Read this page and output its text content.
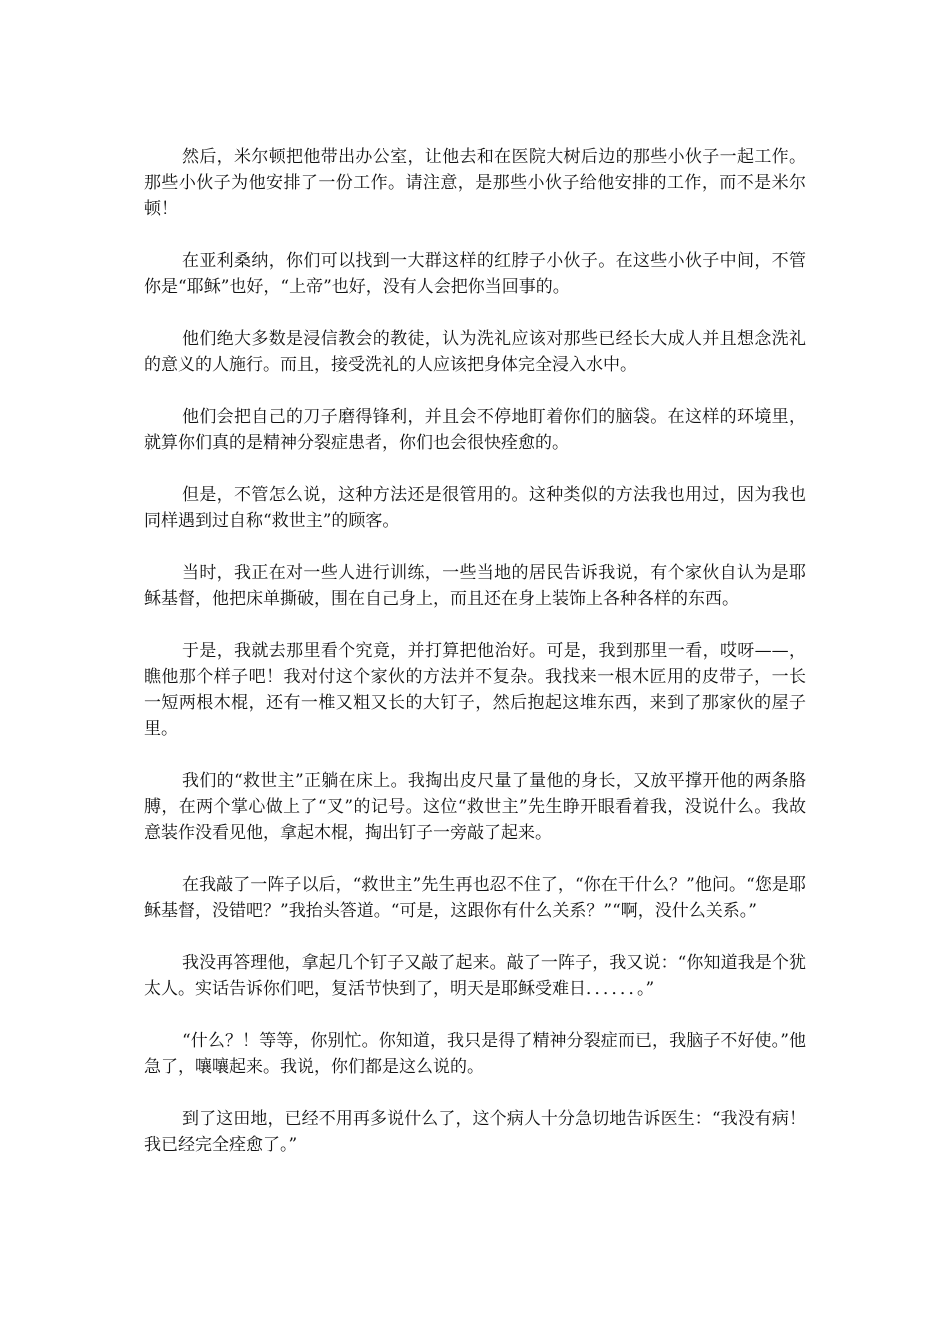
然后，米尔顿把他带出办公室，让他去和在医院大树后边的那些小伙子一起工作。那些小伙子为他安排了一份工作。请注意，是那些小伙子给他安排的工作，而不是米尔顿！

在亚利桑纳，你们可以找到一大群这样的红脖子小伙子。在这些小伙子中间，不管你是“耶稣”也好，“上帝”也好，没有人会把你当回事的。

他们绝大多数是浸信教会的教徒，认为洗礼应该对那些已经长大成人并且想念洗礼的意义的人施行。而且，接受洗礼的人应该把身体完全浸入水中。

他们会把自己的刀子磨得锋利，并且会不停地盯着你们的脑袋。在这样的环境里，就算你们真的是精神分裂症患者，你们也会很快痊愈的。

但是，不管怎么说，这种方法还是很管用的。这种类似的方法我也用过，因为我也同样遇到过自称“救世主”的顾客。

当时，我正在对一些人进行训练，一些当地的居民告诉我说，有个家伙自认为是耶稣基督，他把床单撕破，围在自己身上，而且还在身上装饰上各种各样的东西。

于是，我就去那里看个究竟，并打算把他治好。可是，我到那里一看，哎呀——，瞧他那个样子吧！我对付这个家伙的方法并不复杂。我找来一根木匠用的皮带子，一长一短两根木棍，还有一椎又粗又长的大钉子，然后抱起这堆东西，来到了那家伙的屋子里。

我们的“救世主”正躺在床上。我掏出皮尺量了量他的身长，又放平撑开他的两条胳膊，在两个掌心做上了“叉”的记号。这位“救世主”先生睁开眼看着我，没说什么。我故意装作没看见他，拿起木棍，掏出钉子一旁敲了起来。

在我敲了一阵子以后，“救世主”先生再也忍不住了，“你在干什么？”他问。“您是耶稣基督，没错吧？”我抬头答道。“可是，这跟你有什么关系？”“啊，没什么关系。”

我没再答理他，拿起几个钉子又敲了起来。敲了一阵子，我又说：“你知道我是个犹太人。实话告诉你们吧，复活节快到了，明天是耶稣受难日．．．．．．。”

“什么？！等等，你别忙。你知道，我只是得了精神分裂症而已，我脑子不好使。”他急了，嚷嚷起来。我说，你们都是这么说的。

到了这田地，已经不用再多说什么了，这个病人十分急切地告诉医生：“我没有病！我已经完全痊愈了。”
